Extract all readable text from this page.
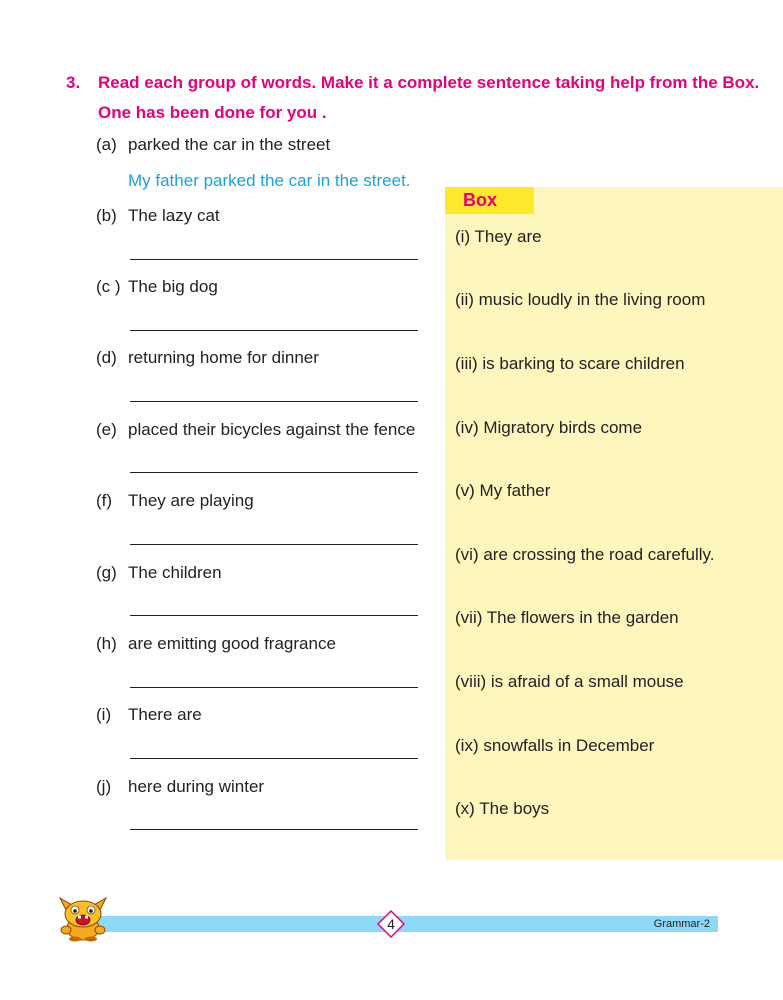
3. Read each group of words. Make it a complete sentence taking help from the Box. One has been done for you .
My father parked the car in the street.
(a) parked the car in the street
(b) The lazy cat
(c ) The big dog
(d) returning home for dinner
(e) placed their bicycles against the fence
(f) They are playing
(g) The children
(h) are emitting good fragrance
(i) There are
(j) here during winter
Box
(i) They are
(ii) music loudly in the living room
(iii) is barking to scare children
(iv) Migratory birds come
(v) My father
(vi) are crossing the road carefully.
(vii) The flowers in the garden
(viii) is afraid of a small mouse
(ix) snowfalls in December
(x) The boys
Grammar-2
4
